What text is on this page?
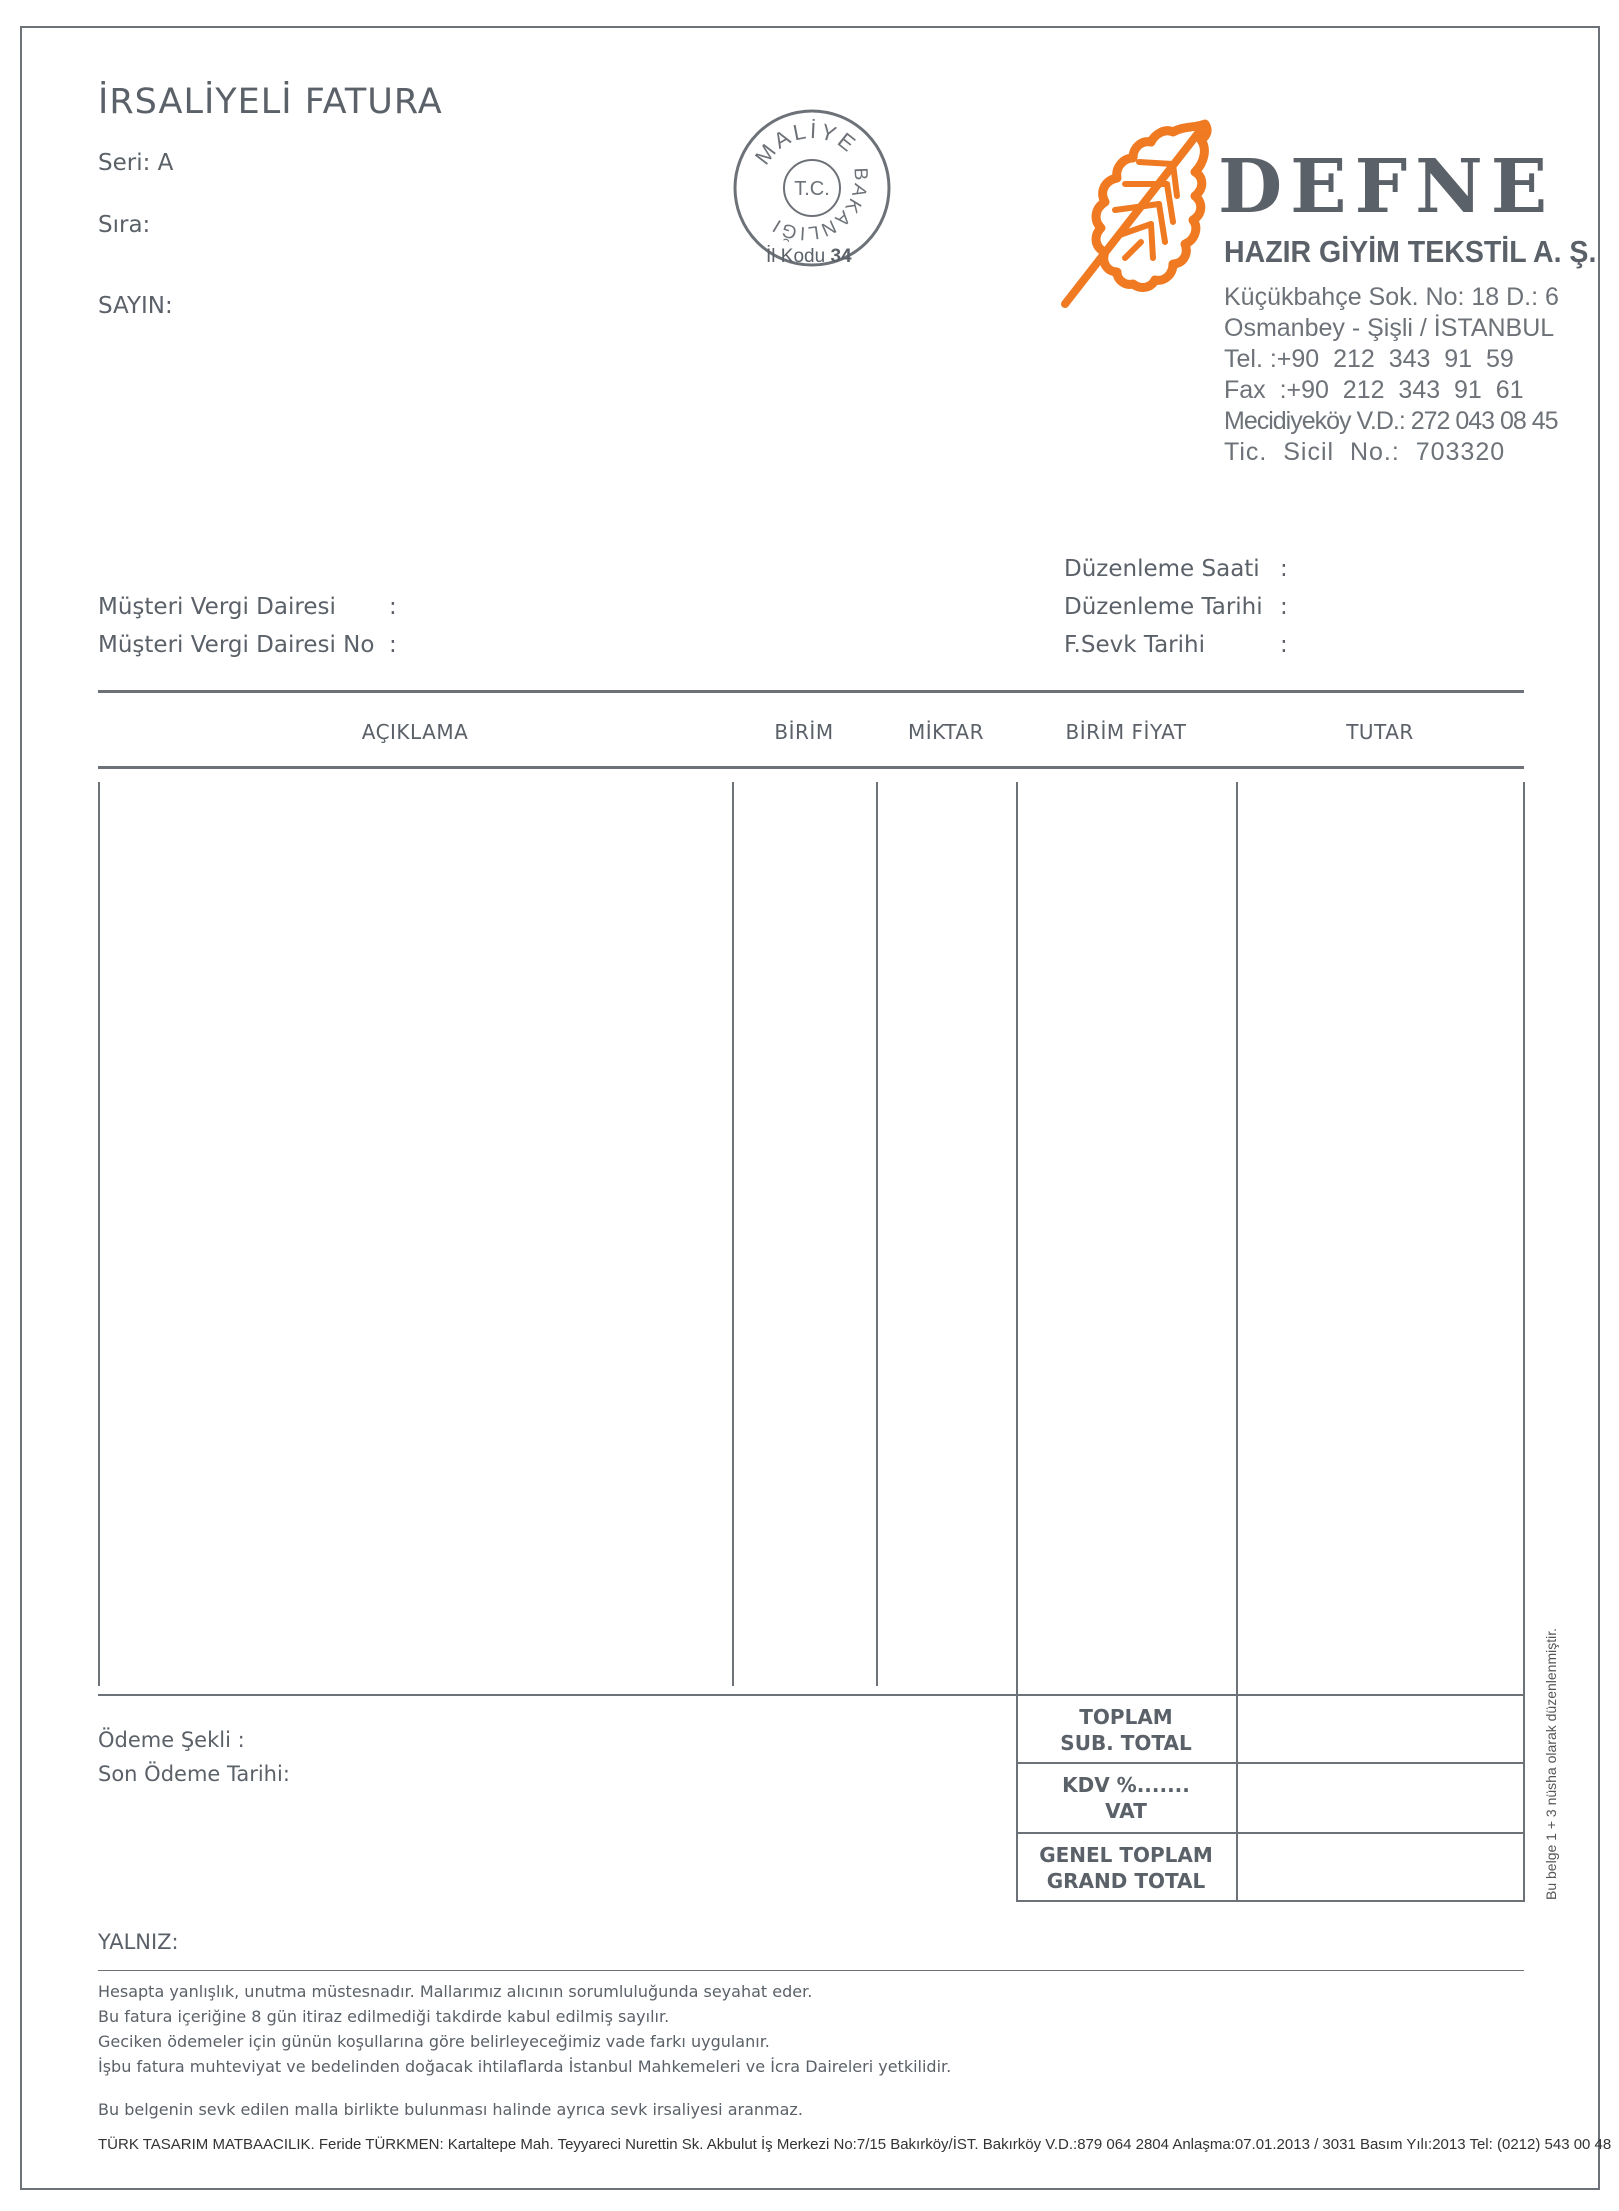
İRSALİYELİ FATURA
Seri: A
Sıra:
SAYIN:
MALİYE
BAKANLIĞI
T.C.
İl Kodu 34
DEFNE
HAZIR GİYİM TEKSTİL A. Ş.
Küçükbahçe Sok. No: 18 D.: 6
Osmanbey - Şişli / İSTANBUL
Tel. :+90  212  343  91  59
Fax  :+90  212  343  91  61
Mecidiyeköy V.D.: 272 043 08 45
Tic.  Sicil  No.:  703320
Müşteri Vergi Dairesi :
Müşteri Vergi Dairesi No :
Düzenleme Saati :
Düzenleme Tarihi :
F.Sevk Tarihi	:
AÇIKLAMA	BİRİM	MİKTAR	BİRİM FİYAT	TUTAR
TOPLAM
SUB. TOTAL
KDV %.......
VAT
GENEL TOPLAM
GRAND TOTAL
Ödeme Şekli :
Son Ödeme Tarihi:
YALNIZ:
Hesapta yanlışlık, unutma müstesnadır. Mallarımız alıcının sorumluluğunda seyahat eder.
Bu fatura içeriğine 8 gün itiraz edilmediği takdirde kabul edilmiş sayılır.
Geciken ödemeler için günün koşullarına göre belirleyeceğimiz vade farkı uygulanır.
İşbu fatura muhteviyat ve bedelinden doğacak ihtilaflarda İstanbul Mahkemeleri ve İcra Daireleri yetkilidir.
Bu belgenin sevk edilen malla birlikte bulunması halinde ayrıca sevk irsaliyesi aranmaz.
TÜRK TASARIM MATBAACILIK. Feride TÜRKMEN: Kartaltepe Mah. Teyyareci Nurettin Sk. Akbulut İş Merkezi No:7/15 Bakırköy/İST. Bakırköy V.D.:879 064 2804 Anlaşma:07.01.2013 / 3031 Basım Yılı:2013 Tel: (0212) 543 00 48
Bu belge 1 + 3 nüsha olarak düzenlenmiştir.
